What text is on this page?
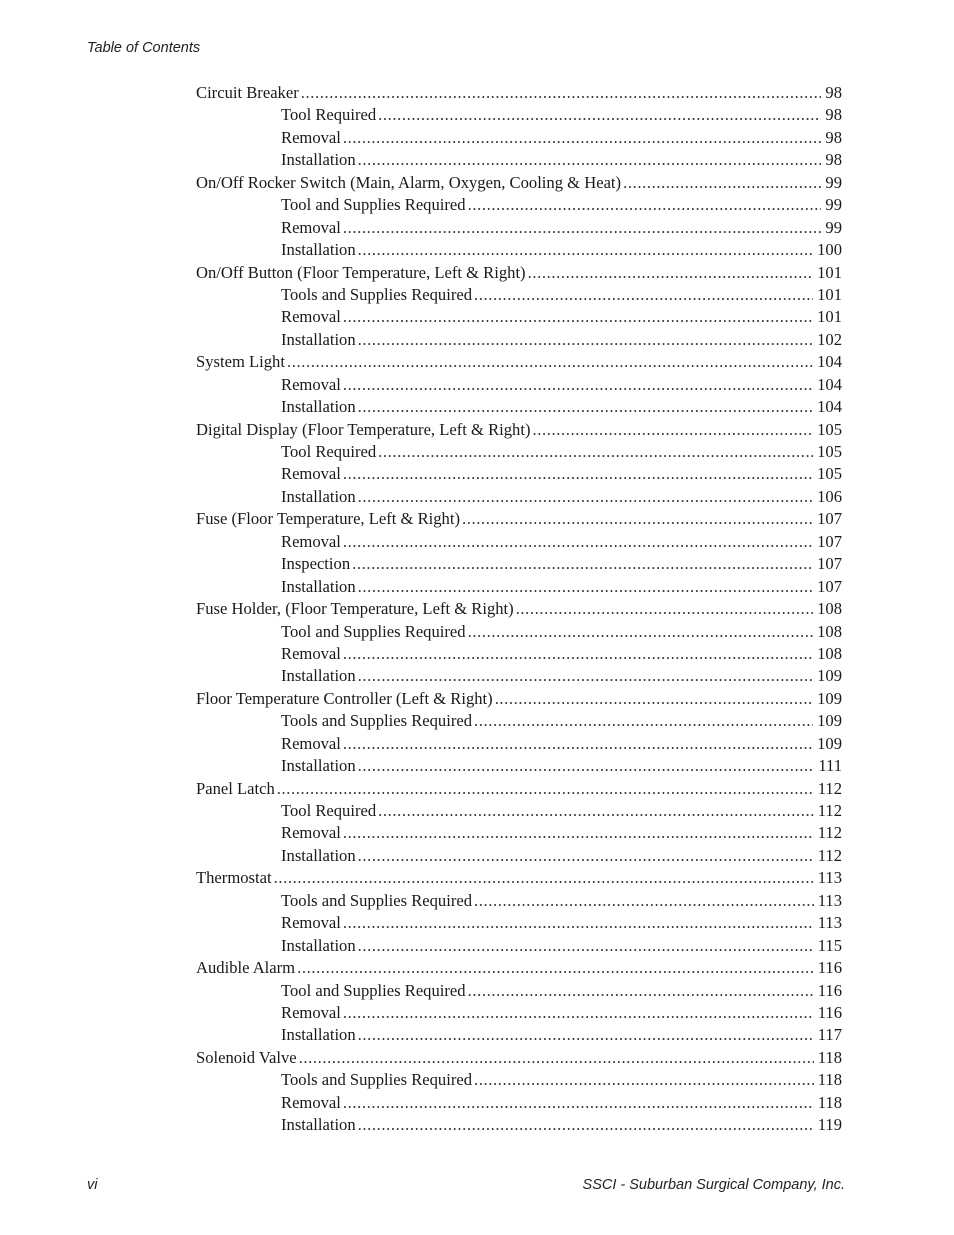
Table of Contents
Circuit Breaker .....	98
Tool Required .....	98
Removal .....	98
Installation .....	98
On/Off Rocker Switch (Main, Alarm, Oxygen, Cooling & Heat) .....	99
Tool and Supplies Required .....	99
Removal .....	99
Installation .....	100
On/Off Button (Floor Temperature, Left & Right) .....	101
Tools and Supplies Required .....	101
Removal .....	101
Installation .....	102
System Light .....	104
Removal .....	104
Installation .....	104
Digital Display (Floor Temperature, Left & Right) .....	105
Tool Required .....	105
Removal .....	105
Installation .....	106
Fuse (Floor Temperature, Left & Right) .....	107
Removal .....	107
Inspection .....	107
Installation .....	107
Fuse Holder, (Floor Temperature, Left & Right) .....	108
Tool and Supplies Required .....	108
Removal .....	108
Installation .....	109
Floor Temperature Controller (Left & Right) .....	109
Tools and Supplies Required .....	109
Removal .....	109
Installation .....	111
Panel Latch .....	112
Tool Required .....	112
Removal .....	112
Installation .....	112
Thermostat .....	113
Tools and Supplies Required .....	113
Removal .....	113
Installation .....	115
Audible Alarm .....	116
Tool and Supplies Required .....	116
Removal .....	116
Installation .....	117
Solenoid Valve .....	118
Tools and Supplies Required .....	118
Removal .....	118
Installation .....	119
vi	SSCI - Suburban Surgical Company, Inc.
